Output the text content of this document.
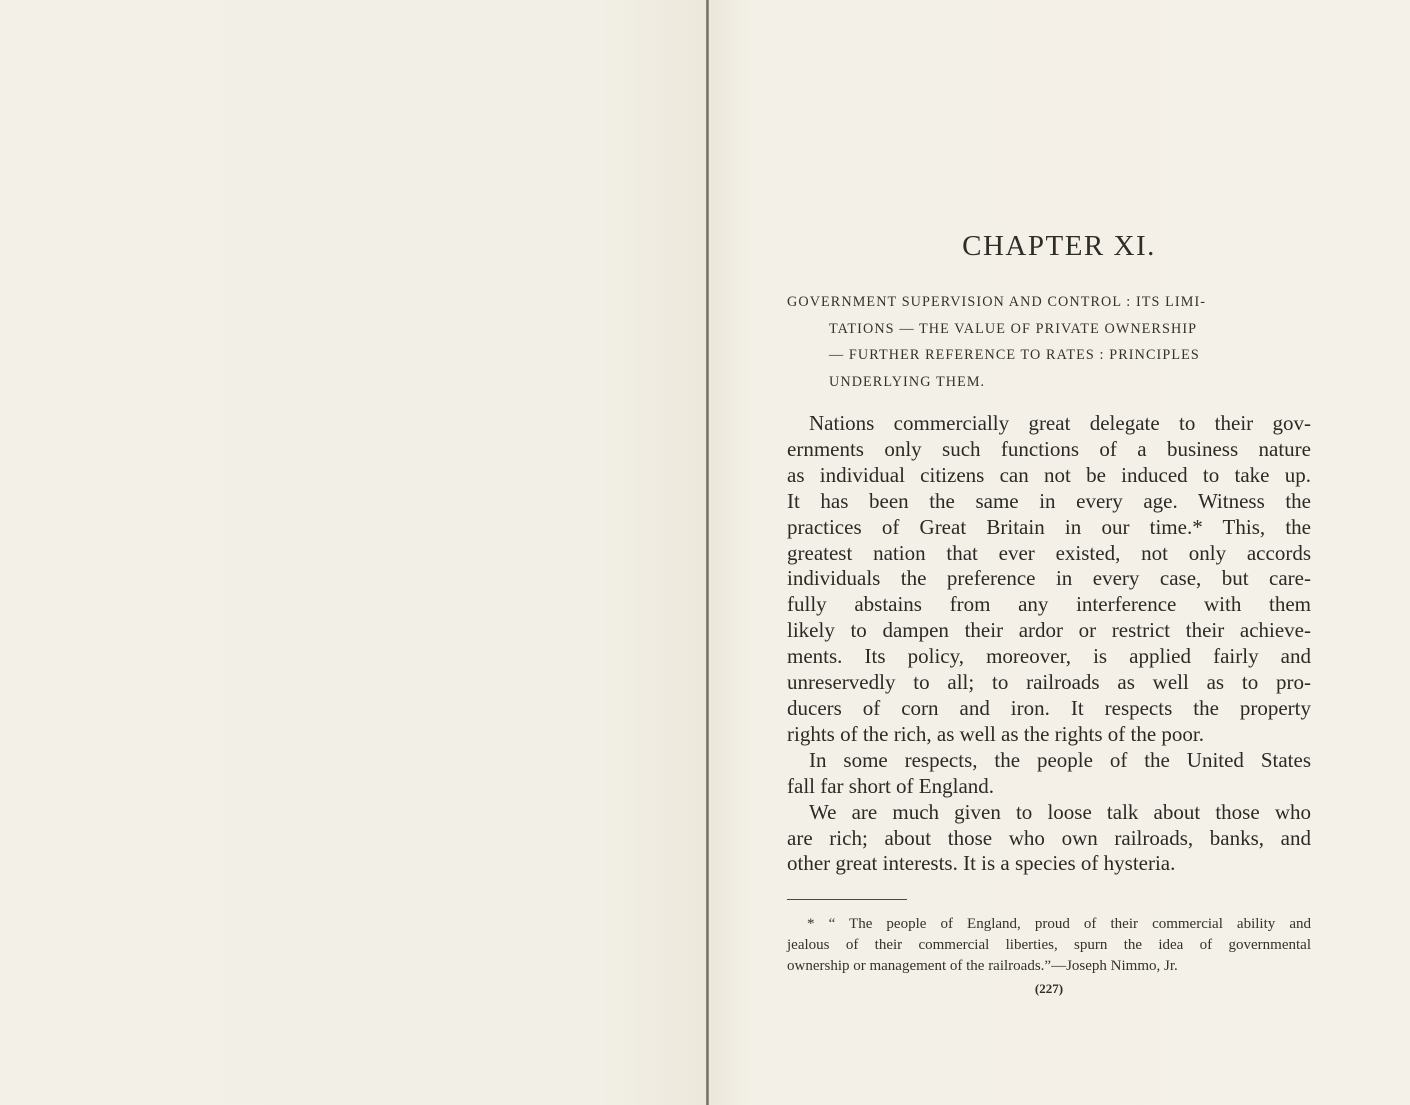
CHAPTER XI.
GOVERNMENT SUPERVISION AND CONTROL : ITS LIMI-
TATIONS — THE VALUE OF PRIVATE OWNERSHIP
— FURTHER REFERENCE TO RATES : PRINCIPLES
UNDERLYING THEM.
Nations commercially great delegate to their gov-
ernments only such functions of a business nature
as individual citizens can not be induced to take up.
It has been the same in every age. Witness the
practices of Great Britain in our time.* This, the
greatest nation that ever existed, not only accords
individuals the preference in every case, but care-
fully abstains from any interference with them
likely to dampen their ardor or restrict their achieve-
ments. Its policy, moreover, is applied fairly and
unreservedly to all; to railroads as well as to pro-
ducers of corn and iron. It respects the property
rights of the rich, as well as the rights of the poor.
In some respects, the people of the United States
fall far short of England.
We are much given to loose talk about those who
are rich; about those who own railroads, banks, and
other great interests. It is a species of hysteria.
* “ The people of England, proud of their commercial ability and
jealous of their commercial liberties, spurn the idea of governmental
ownership or management of the railroads.”—Joseph Nimmo, Jr.
(227)
